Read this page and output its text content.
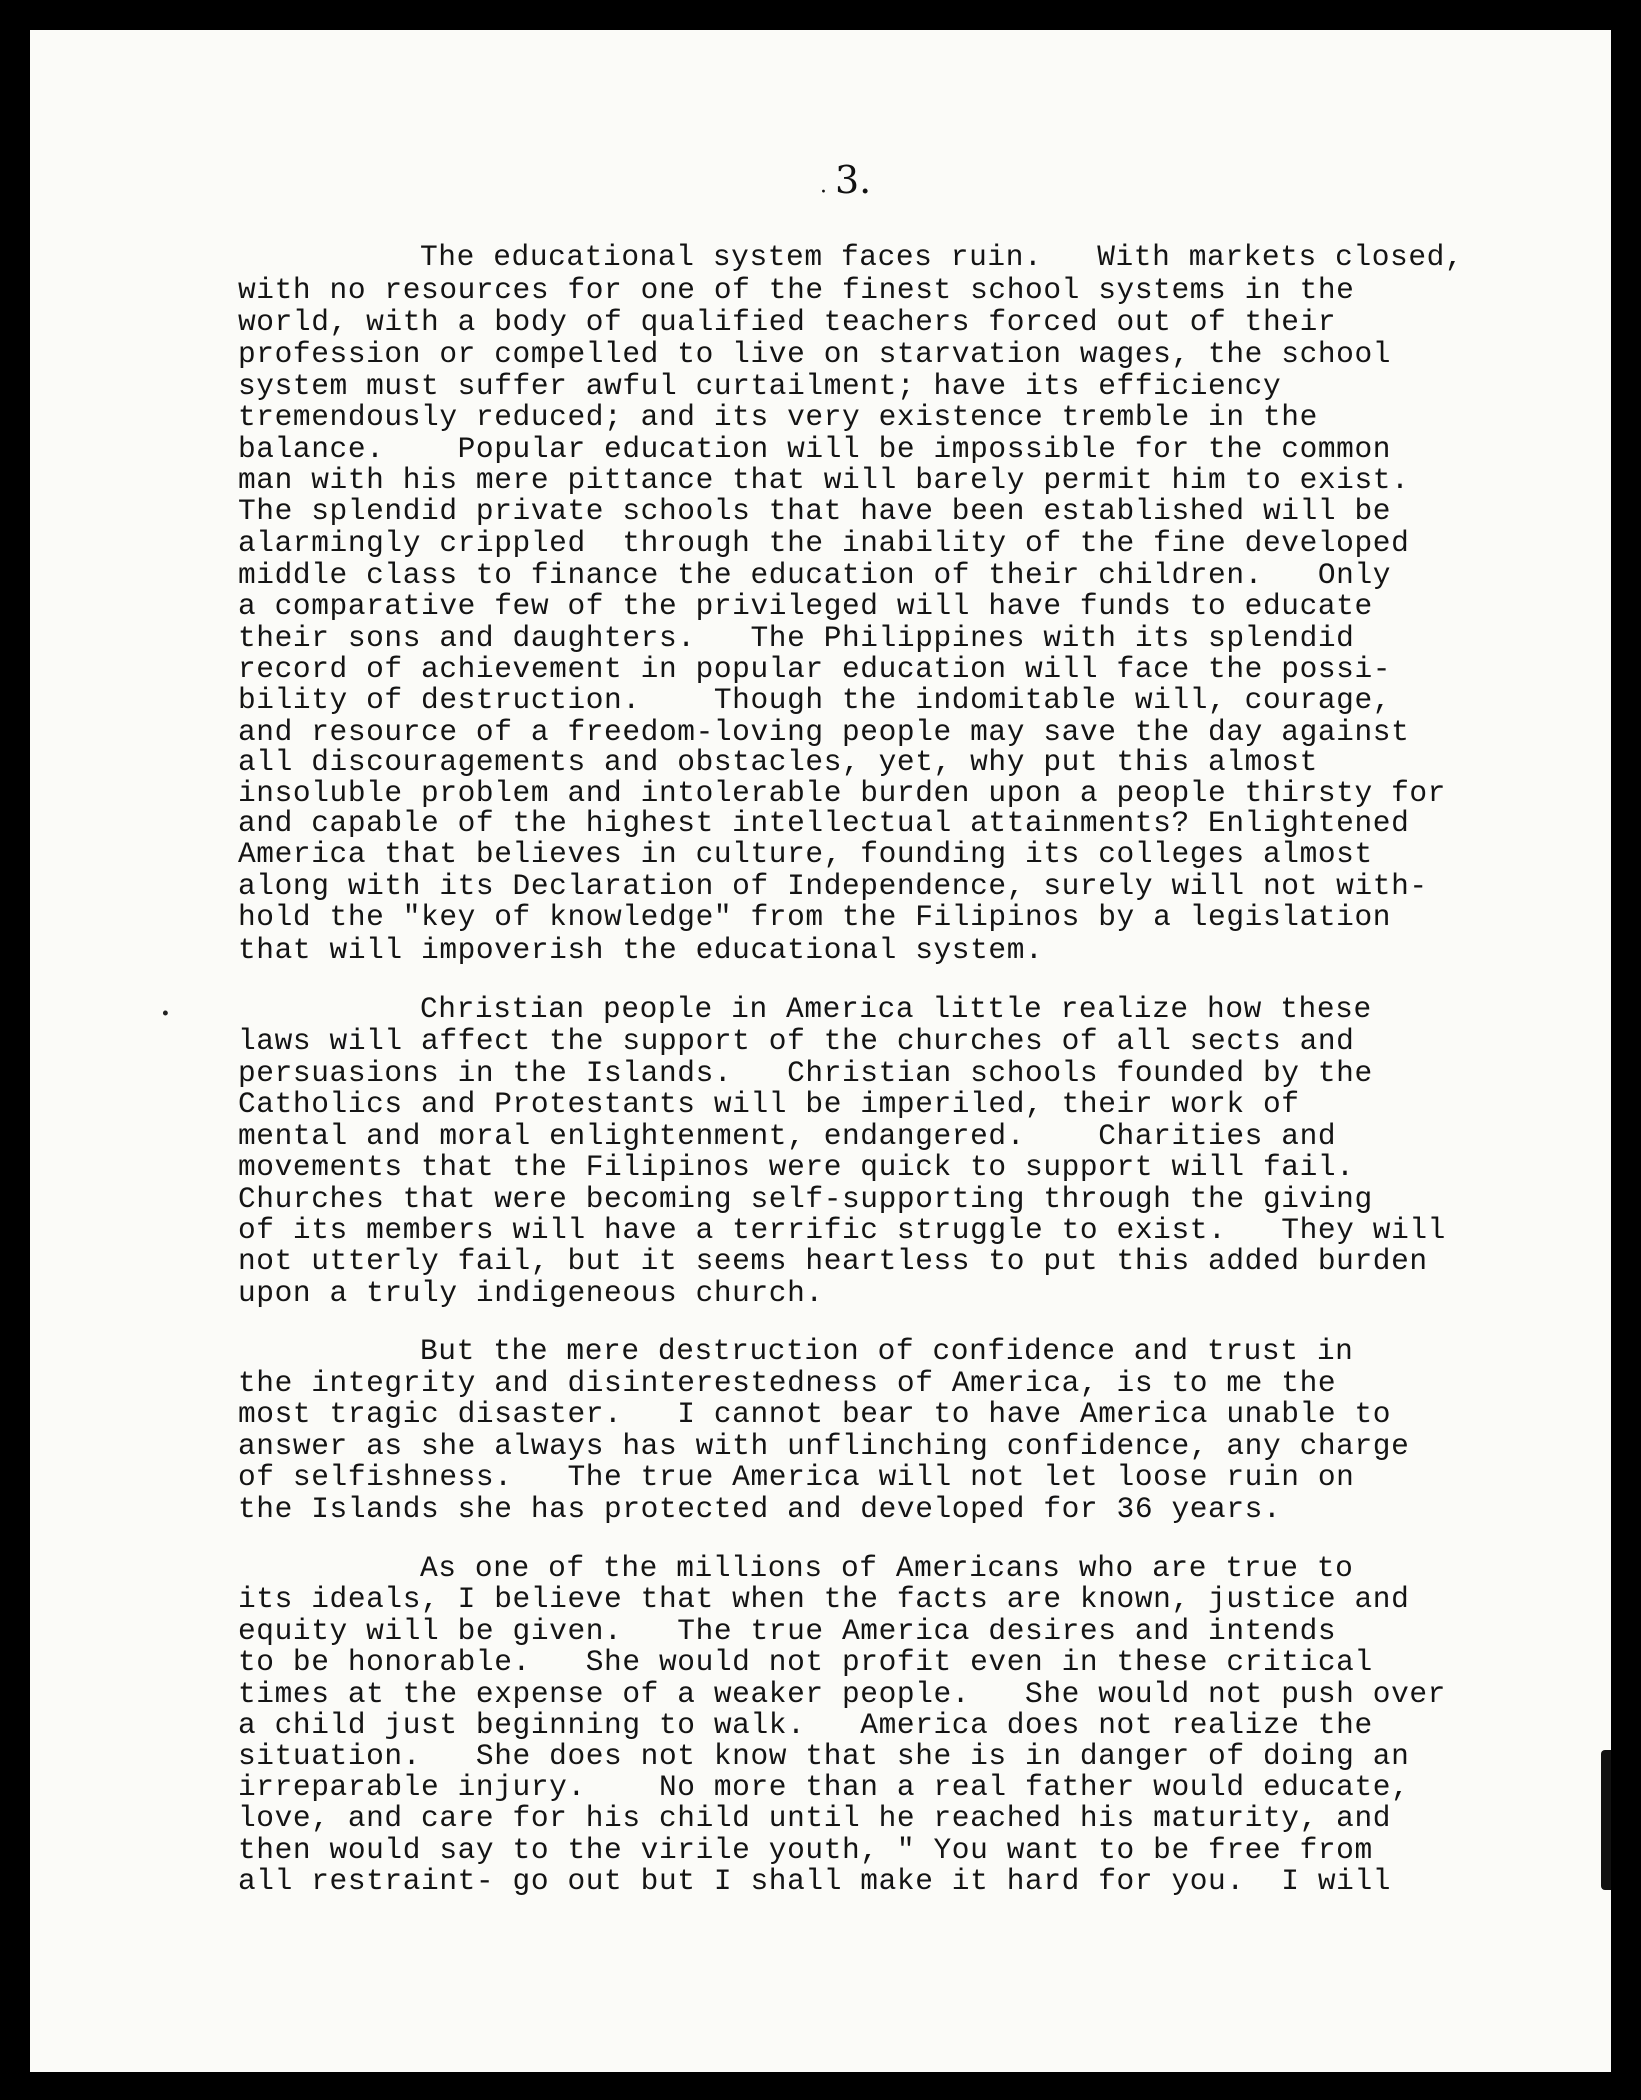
· 3.
The educational system faces ruin.   With markets closed,
with no resources for one of the finest school systems in the
world, with a body of qualified teachers forced out of their
profession or compelled to live on starvation wages, the school
system must suffer awful curtailment; have its efficiency
tremendously reduced; and its very existence tremble in the
balance.    Popular education will be impossible for the common
man with his mere pittance that will barely permit him to exist.
The splendid private schools that have been established will be
alarmingly crippled  through the inability of the fine developed
middle class to finance the education of their children.   Only
a comparative few of the privileged will have funds to educate
their sons and daughters.   The Philippines with its splendid
record of achievement in popular education will face the possi-
bility of destruction.    Though the indomitable will, courage,
and resource of a freedom-loving people may save the day against
all discouragements and obstacles, yet, why put this almost
insoluble problem and intolerable burden upon a people thirsty for
and capable of the highest intellectual attainments? Enlightened
America that believes in culture, founding its colleges almost
along with its Declaration of Independence, surely will not with-
hold the "key of knowledge" from the Filipinos by a legislation
that will impoverish the educational system.
Christian people in America little realize how these
laws will affect the support of the churches of all sects and
persuasions in the Islands.   Christian schools founded by the
Catholics and Protestants will be imperiled, their work of
mental and moral enlightenment, endangered.    Charities and
movements that the Filipinos were quick to support will fail.
Churches that were becoming self-supporting through the giving
of its members will have a terrific struggle to exist.   They will
not utterly fail, but it seems heartless to put this added burden
upon a truly indigeneous church.
But the mere destruction of confidence and trust in
the integrity and disinterestedness of America, is to me the
most tragic disaster.   I cannot bear to have America unable to
answer as she always has with unflinching confidence, any charge
of selfishness.   The true America will not let loose ruin on
the Islands she has protected and developed for 36 years.
As one of the millions of Americans who are true to
its ideals, I believe that when the facts are known, justice and
equity will be given.   The true America desires and intends
to be honorable.   She would not profit even in these critical
times at the expense of a weaker people.   She would not push over
a child just beginning to walk.   America does not realize the
situation.   She does not know that she is in danger of doing an
irreparable injury.    No more than a real father would educate,
love, and care for his child until he reached his maturity, and
then would say to the virile youth, " You want to be free from
all restraint- go out but I shall make it hard for you.  I will
•
